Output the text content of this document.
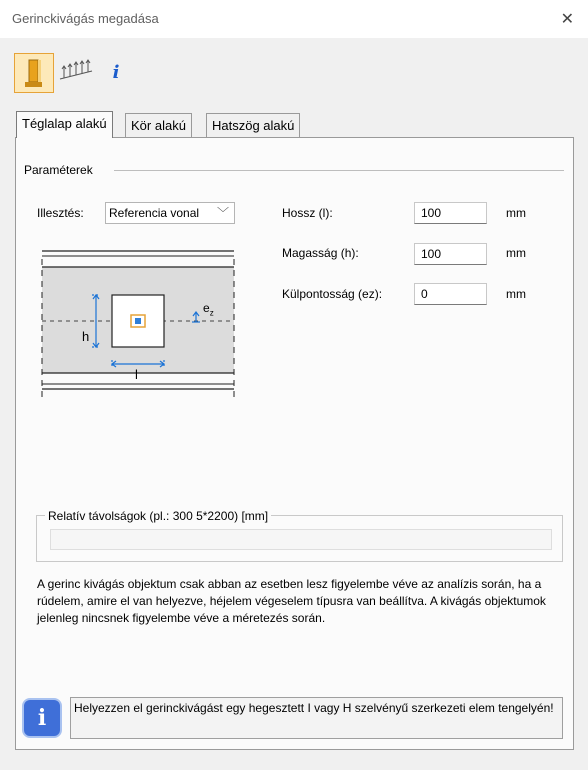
Gerinckivágás megadása	✕
i
Téglalap alakú	Kör alakú	Hatszög alakú
Paraméterek
Illesztés:	Referencia vonal ﹀	Hossz (l):	100	mm
Magasság (h):	100	mm
Külpontosság (ez):	0	mm
h
l
$e_z$
Relatív távolságok (pl.: 300 5*2200) [mm]
A gerinc kivágás objektum csak abban az esetben lesz figyelembe véve az analízis során, ha a rúdelem, amire el van helyezve, héjelem végeselem típusra van beállítva. A kivágás objektumok jelenleg nincsnek figyelembe véve a méretezés során.
i	Helyezzen el gerinckivágást egy hegesztett I vagy H szelvényű szerkezeti elem tengelyén!
